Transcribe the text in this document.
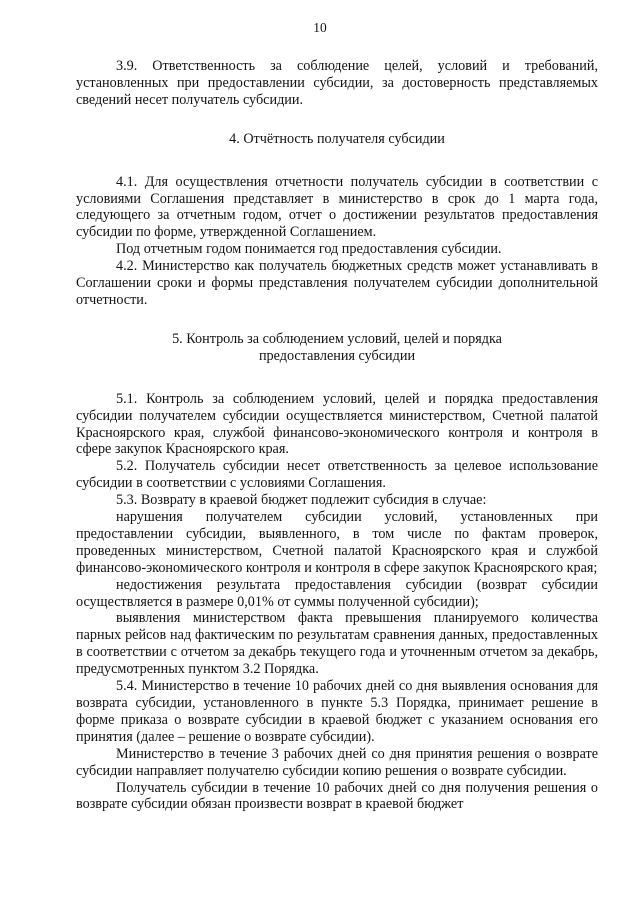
10

3.9. Ответственность за соблюдение целей, условий и требований, установленных при предоставлении субсидии, за достоверность представляемых сведений несет получатель субсидии.

4. Отчётность получателя субсидии

4.1. Для осуществления отчетности получатель субсидии в соответствии с условиями Соглашения представляет в министерство в срок до 1 марта года, следующего за отчетным годом, отчет о достижении результатов предоставления субсидии по форме, утвержденной Соглашением.

Под отчетным годом понимается год предоставления субсидии.

4.2. Министерство как получатель бюджетных средств может устанавливать в Соглашении сроки и формы представления получателем субсидии дополнительной отчетности.

5. Контроль за соблюдением условий, целей и порядка

предоставления субсидии

5.1. Контроль за соблюдением условий, целей и порядка предоставления субсидии получателем субсидии осуществляется министерством, Счетной палатой Красноярского края, службой финансово-экономического контроля и контроля в сфере закупок Красноярского края.

5.2. Получатель субсидии несет ответственность за целевое использование субсидии в соответствии с условиями Соглашения.

5.3. Возврату в краевой бюджет подлежит субсидия в случае:

нарушения получателем субсидии условий, установленных при предоставлении субсидии, выявленного, в том числе по фактам проверок, проведенных министерством, Счетной палатой Красноярского края и службой финансово-экономического контроля и контроля в сфере закупок Красноярского края;

недостижения результата предоставления субсидии (возврат субсидии осуществляется в размере 0,01% от суммы полученной субсидии);

выявления министерством факта превышения планируемого количества парных рейсов над фактическим по результатам сравнения данных, предоставленных в соответствии с отчетом за декабрь текущего года и уточненным отчетом за декабрь, предусмотренных пунктом 3.2 Порядка.

5.4. Министерство в течение 10 рабочих дней со дня выявления основания для возврата субсидии, установленного в пункте 5.3 Порядка, принимает решение в форме приказа о возврате субсидии в краевой бюджет с указанием основания его принятия (далее – решение о возврате субсидии).

Министерство в течение 3 рабочих дней со дня принятия решения о возврате субсидии направляет получателю субсидии копию решения о возврате субсидии.

Получатель субсидии в течение 10 рабочих дней со дня получения решения о возврате субсидии обязан произвести возврат в краевой бюджет
